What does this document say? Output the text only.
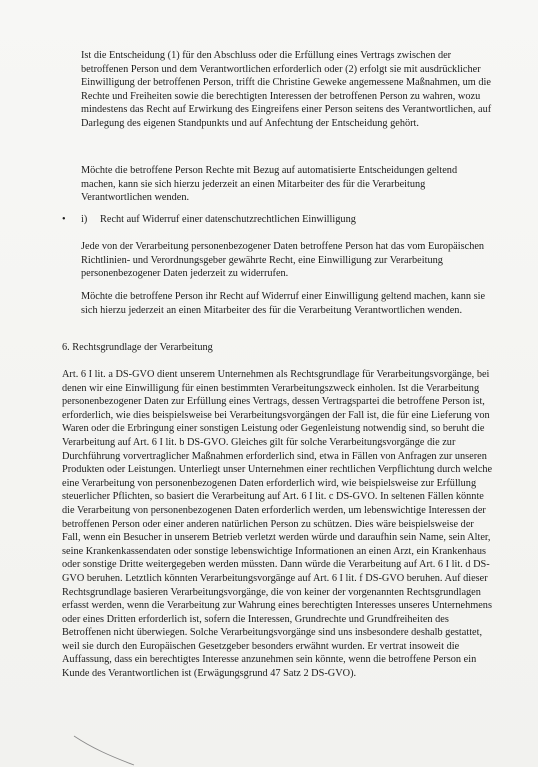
Ist die Entscheidung (1) für den Abschluss oder die Erfüllung eines Vertrags zwischen der betroffenen Person und dem Verantwortlichen erforderlich oder (2) erfolgt sie mit ausdrücklicher Einwilligung der betroffenen Person, trifft die Christine Geweke angemessene Maßnahmen, um die Rechte und Freiheiten sowie die berechtigten Interessen der betroffenen Person zu wahren, wozu mindestens das Recht auf Erwirkung des Eingreifens einer Person seitens des Verantwortlichen, auf Darlegung des eigenen Standpunkts und auf Anfechtung der Entscheidung gehört.

Möchte die betroffene Person Rechte mit Bezug auf automatisierte Entscheidungen geltend machen, kann sie sich hierzu jederzeit an einen Mitarbeiter des für die Verarbeitung Verantwortlichen wenden.

• i) Recht auf Widerruf einer datenschutzrechtlichen Einwilligung

Jede von der Verarbeitung personenbezogener Daten betroffene Person hat das vom Europäischen Richtlinien- und Verordnungsgeber gewährte Recht, eine Einwilligung zur Verarbeitung personenbezogener Daten jederzeit zu widerrufen.

Möchte die betroffene Person ihr Recht auf Widerruf einer Einwilligung geltend machen, kann sie sich hierzu jederzeit an einen Mitarbeiter des für die Verarbeitung Verantwortlichen wenden.

6. Rechtsgrundlage der Verarbeitung

Art. 6 I lit. a DS-GVO dient unserem Unternehmen als Rechtsgrundlage für Verarbeitungsvorgänge, bei denen wir eine Einwilligung für einen bestimmten Verarbeitungszweck einholen. Ist die Verarbeitung personenbezogener Daten zur Erfüllung eines Vertrags, dessen Vertragspartei die betroffene Person ist, erforderlich, wie dies beispielsweise bei Verarbeitungsvorgängen der Fall ist, die für eine Lieferung von Waren oder die Erbringung einer sonstigen Leistung oder Gegenleistung notwendig sind, so beruht die Verarbeitung auf Art. 6 I lit. b DS-GVO. Gleiches gilt für solche Verarbeitungsvorgänge die zur Durchführung vorvertraglicher Maßnahmen erforderlich sind, etwa in Fällen von Anfragen zur unseren Produkten oder Leistungen. Unterliegt unser Unternehmen einer rechtlichen Verpflichtung durch welche eine Verarbeitung von personenbezogenen Daten erforderlich wird, wie beispielsweise zur Erfüllung steuerlicher Pflichten, so basiert die Verarbeitung auf Art. 6 I lit. c DS-GVO. In seltenen Fällen könnte die Verarbeitung von personenbezogenen Daten erforderlich werden, um lebenswichtige Interessen der betroffenen Person oder einer anderen natürlichen Person zu schützen. Dies wäre beispielsweise der Fall, wenn ein Besucher in unserem Betrieb verletzt werden würde und daraufhin sein Name, sein Alter, seine Krankenkassendaten oder sonstige lebenswichtige Informationen an einen Arzt, ein Krankenhaus oder sonstige Dritte weitergegeben werden müssten. Dann würde die Verarbeitung auf Art. 6 I lit. d DS-GVO beruhen. Letztlich könnten Verarbeitungsvorgänge auf Art. 6 I lit. f DS-GVO beruhen. Auf dieser Rechtsgrundlage basieren Verarbeitungsvorgänge, die von keiner der vorgenannten Rechtsgrundlagen erfasst werden, wenn die Verarbeitung zur Wahrung eines berechtigten Interesses unseres Unternehmens oder eines Dritten erforderlich ist, sofern die Interessen, Grundrechte und Grundfreiheiten des Betroffenen nicht überwiegen. Solche Verarbeitungsvorgänge sind uns insbesondere deshalb gestattet, weil sie durch den Europäischen Gesetzgeber besonders erwähnt wurden. Er vertrat insoweit die Auffassung, dass ein berechtigtes Interesse anzunehmen sein könnte, wenn die betroffene Person ein Kunde des Verantwortlichen ist (Erwägungsgrund 47 Satz 2 DS-GVO).
